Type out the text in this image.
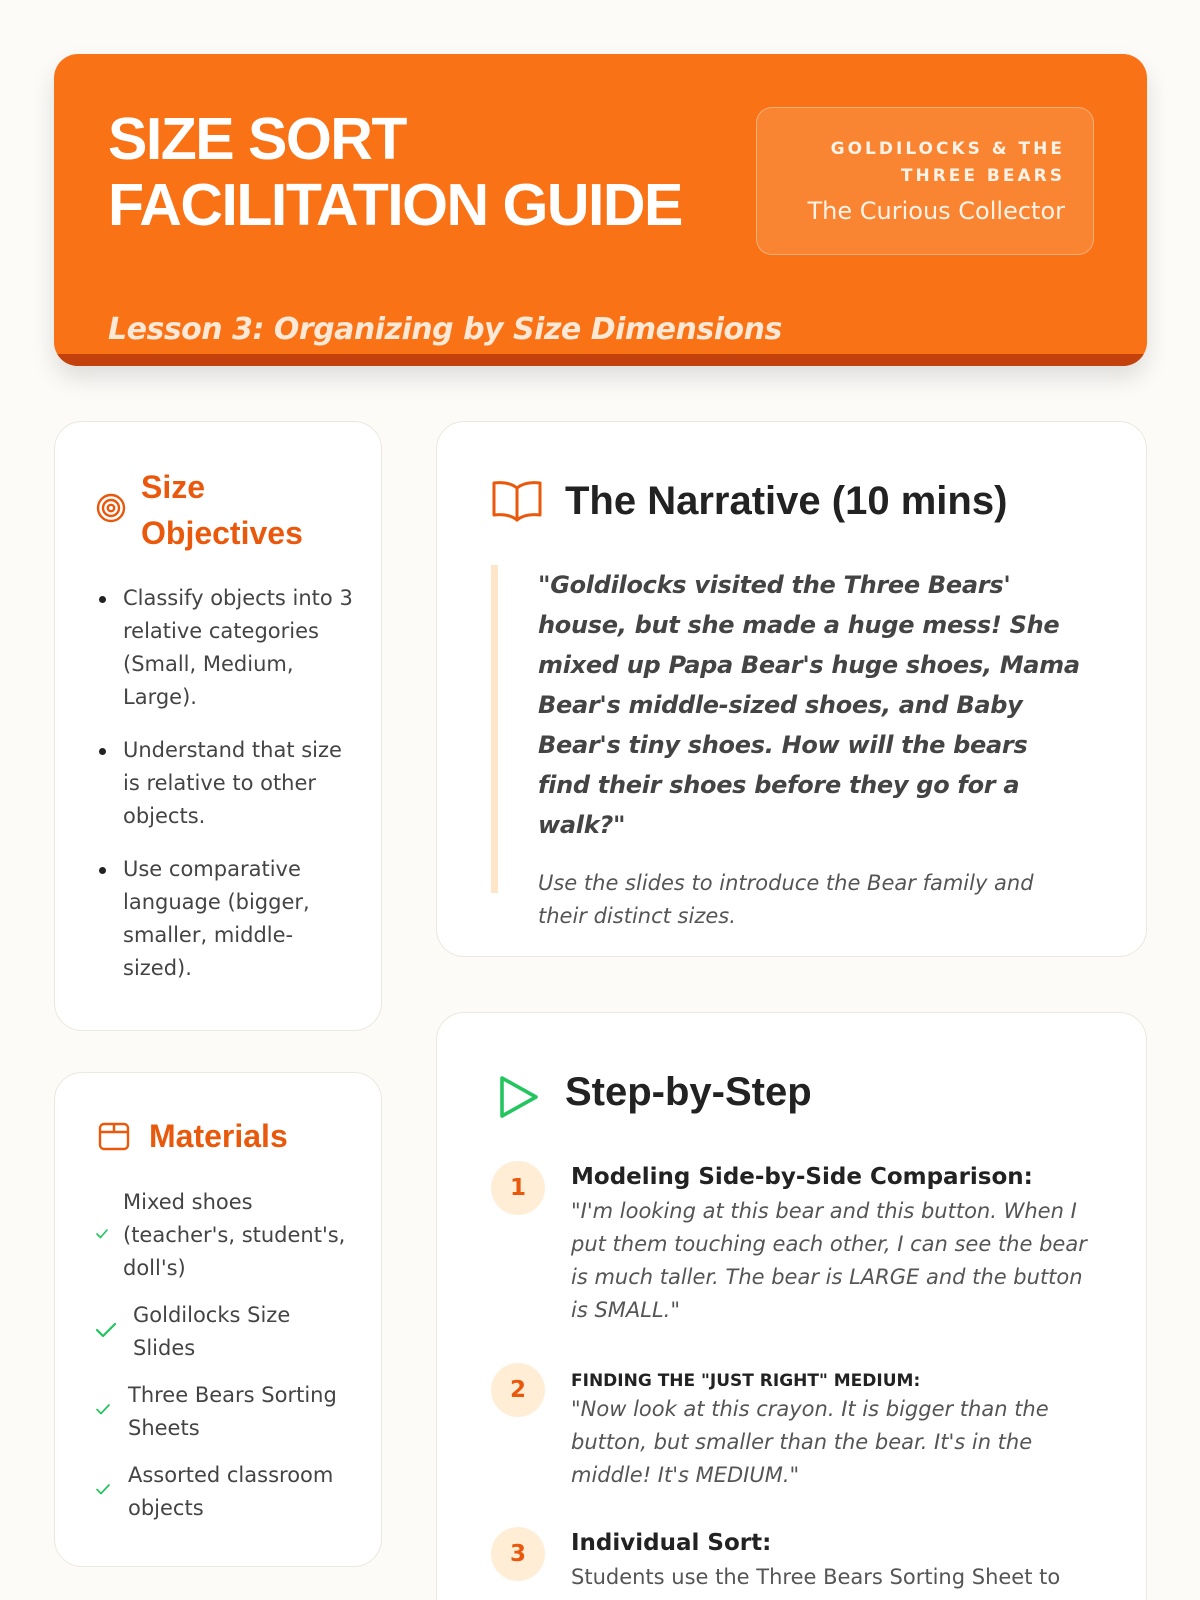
SIZE SORT FACILITATION GUIDE
Lesson 3: Organizing by Size Dimensions
GOLDILOCKS & THE THREE BEARS
The Curious Collector
Size Objectives
Classify objects into 3 relative categories (Small, Medium, Large).
Understand that size is relative to other objects.
Use comparative language (bigger, smaller, middle-sized).
Materials
Mixed shoes (teacher's, student's, doll's)
Goldilocks Size Slides
Three Bears Sorting Sheets
Assorted classroom objects
The Narrative (10 mins)
"Goldilocks visited the Three Bears' house, but she made a huge mess! She mixed up Papa Bear's huge shoes, Mama Bear's middle-sized shoes, and Baby Bear's tiny shoes. How will the bears find their shoes before they go for a walk?"
Use the slides to introduce the Bear family and their distinct sizes.
Step-by-Step
1	Modeling Side-by-Side Comparison:
"I'm looking at this bear and this button. When I put them touching each other, I can see the bear is much taller. The bear is LARGE and the button is SMALL."
2	FINDING THE "JUST RIGHT" MEDIUM:
"Now look at this crayon. It is bigger than the button, but smaller than the bear. It's in the middle! It's MEDIUM."
3	Individual Sort:
Students use the Three Bears Sorting Sheet to
